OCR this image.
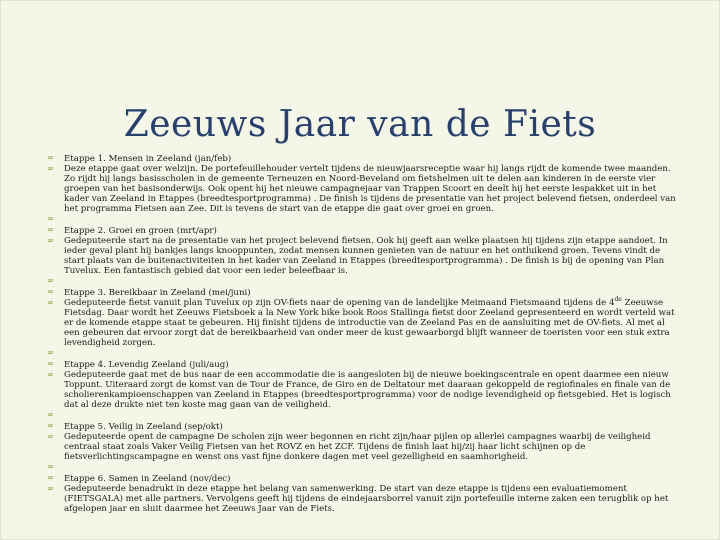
Zeeuws Jaar van de Fiets
∞	Etappe 1. Mensen in Zeeland (jan/feb)
∞	Deze etappe gaat over welzijn. De portefeuillehouder vertelt tijdens de nieuwjaarsreceptie waar hij langs rijdt de komende twee maanden. Zo rijdt hij langs basisscholen in de gemeente Terneuzen en Noord-Beveland om fietshelmen uit te delen aan kinderen in de eerste vier groepen van het basisonderwijs. Ook opent hij het nieuwe campagnejaar van Trappen Scoort en deelt hij het eerste lespakket uit in het kader van Zeeland in Etappes (breedtesportprogramma) . De finish is tijdens de presentatie van het project belevend fietsen, onderdeel van het programma Fietsen aan Zee. Dit is tevens de start van de etappe die gaat over groei en groen.
∞
∞	Etappe 2. Groei en groen (mrt/apr)
∞	Gedeputeerde start na de presentatie van het project belevend fietsen. Ook hij geeft aan welke plaatsen hij tijdens zijn etappe aandoet. In ieder geval plant hij bankjes langs knooppunten, zodat mensen kunnen genieten van de natuur en het ontluikend groen. Tevens vindt de start plaats van de buitenactiviteiten in het kader van Zeeland in Etappes (breedtesportprogramma) . De finish is bij de opening van Plan Tuvelux. Een fantastisch gebied dat voor een ieder beleefbaar is.
∞
∞	Etappe 3. Bereikbaar in Zeeland (mei/juni)
∞	Gedeputeerde fietst vanuit plan Tuvelux op zijn OV-fiets naar de opening van de landelijke Meimaand Fietsmaand tijdens de 4de Zeeuwse Fietsdag. Daar wordt het Zeeuws Fietsboek a la New York bike book Roos Stallinga fietst door Zeeland gepresenteerd en wordt verteld wat er de komende etappe staat te gebeuren. Hij finisht tijdens de introductie van de Zeeland Pas en de aansluiting met de OV-fiets. Al met al een gebeuren dat ervoor zorgt dat de bereikbaarheid van onder meer de kust gewaarborgd blijft wanneer de toeristen voor een stuk extra levendigheid zorgen.
∞
∞	Etappe 4. Levendig Zeeland (juli/aug)
∞	Gedeputeerde gaat met de bus naar de een accommodatie die is aangesloten bij de nieuwe boekingscentrale en opent daarmee een nieuw Toppunt. Uiteraard zorgt de komst van de Tour de France, de Giro en de Deltatour met daaraan gekoppeld de regiofinales en finale van de scholierenkampioenschappen van Zeeland in Etappes (breedtesportprogramma) voor de nodige levendigheid op fietsgebied. Het is logisch dat al deze drukte niet ten koste mag gaan van de veiligheid.
∞
∞	Etappe 5. Veilig in Zeeland (sep/okt)
∞	Gedeputeerde opent de campagne De scholen zijn weer begonnen en richt zijn/haar pijlen op allerlei campagnes waarbij de veiligheid centraal staat zoals Vaker Veilig Fietsen van het ROVZ en het ZCF. Tijdens de finish laat hij/zij haar licht schijnen op de fietsverlichtingscampagne en wenst ons vast fijne donkere dagen met veel gezelligheid en saamhorigheid.
∞
∞	Etappe 6. Samen in Zeeland (nov/dec)
∞	Gedeputeerde benadrukt in deze etappe het belang van samenwerking. De start van deze etappe is tijdens een evaluatiemoment (FIETSGALA) met alle partners. Vervolgens geeft hij tijdens de eindejaarsborrel vanuit zijn portefeuille interne zaken een terugblik op het afgelopen jaar en sluit daarmee het Zeeuws Jaar van de Fiets.
